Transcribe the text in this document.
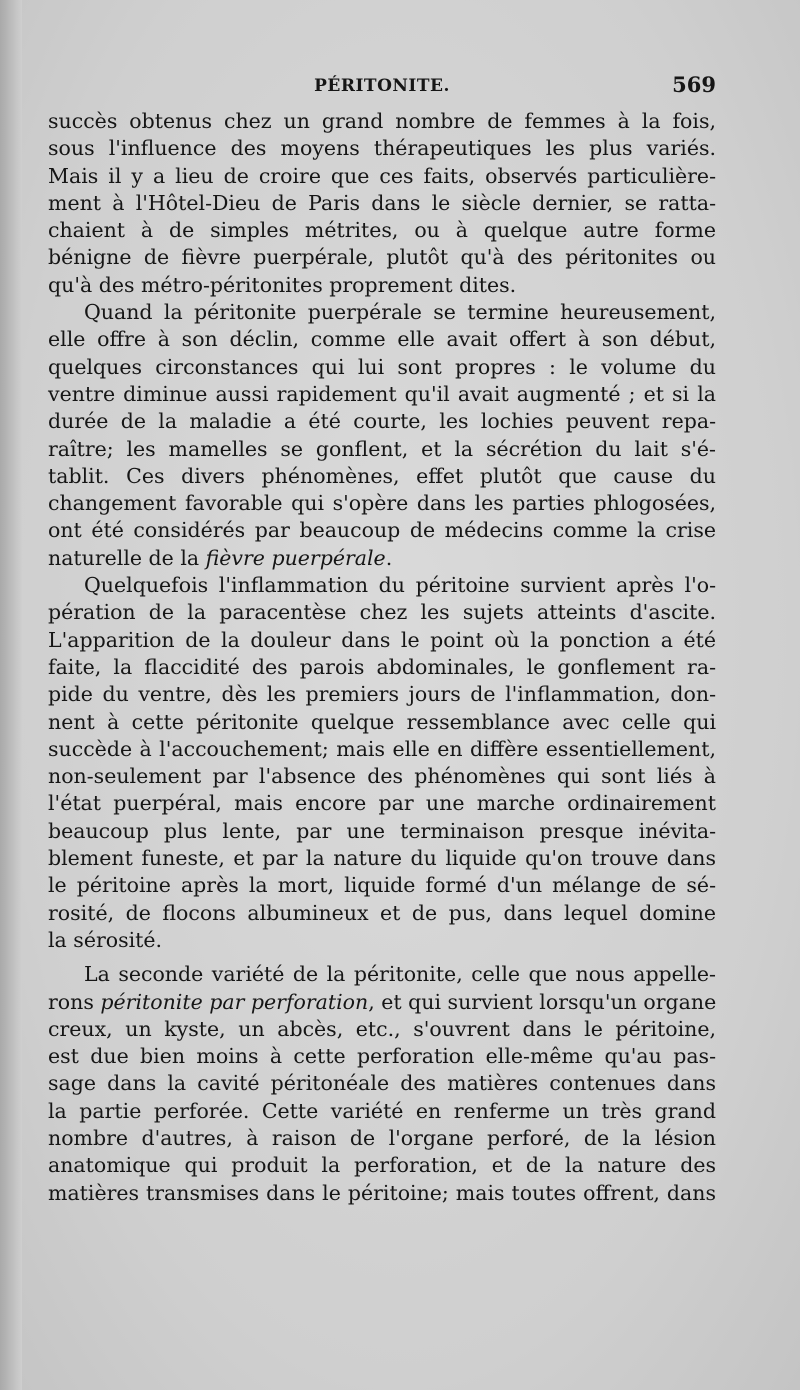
PÉRITONITE.	569
succès obtenus chez un grand nombre de femmes à la fois,
sous l'influence des moyens thérapeutiques les plus variés.
Mais il y a lieu de croire que ces faits, observés particulière-
ment à l'Hôtel-Dieu de Paris dans le siècle dernier, se ratta-
chaient à de simples métrites, ou à quelque autre forme
bénigne de fièvre puerpérale, plutôt qu'à des péritonites ou
qu'à des métro-péritonites proprement dites.
Quand la péritonite puerpérale se termine heureusement,
elle offre à son déclin, comme elle avait offert à son début,
quelques circonstances qui lui sont propres : le volume du
ventre diminue aussi rapidement qu'il avait augmenté ; et si la
durée de la maladie a été courte, les lochies peuvent repa-
raître; les mamelles se gonflent, et la sécrétion du lait s'é-
tablit. Ces divers phénomènes, effet plutôt que cause du
changement favorable qui s'opère dans les parties phlogosées,
ont été considérés par beaucoup de médecins comme la crise
naturelle de la fièvre puerpérale.
Quelquefois l'inflammation du péritoine survient après l'o-
pération de la paracentèse chez les sujets atteints d'ascite.
L'apparition de la douleur dans le point où la ponction a été
faite, la flaccidité des parois abdominales, le gonflement ra-
pide du ventre, dès les premiers jours de l'inflammation, don-
nent à cette péritonite quelque ressemblance avec celle qui
succède à l'accouchement; mais elle en diffère essentiellement,
non-seulement par l'absence des phénomènes qui sont liés à
l'état puerpéral, mais encore par une marche ordinairement
beaucoup plus lente, par une terminaison presque inévita-
blement funeste, et par la nature du liquide qu'on trouve dans
le péritoine après la mort, liquide formé d'un mélange de sé-
rosité, de flocons albumineux et de pus, dans lequel domine
la sérosité.
La seconde variété de la péritonite, celle que nous appelle-
rons péritonite par perforation, et qui survient lorsqu'un organe
creux, un kyste, un abcès, etc., s'ouvrent dans le péritoine,
est due bien moins à cette perforation elle-même qu'au pas-
sage dans la cavité péritonéale des matières contenues dans
la partie perforée. Cette variété en renferme un très grand
nombre d'autres, à raison de l'organe perforé, de la lésion
anatomique qui produit la perforation, et de la nature des
matières transmises dans le péritoine; mais toutes offrent, dans
